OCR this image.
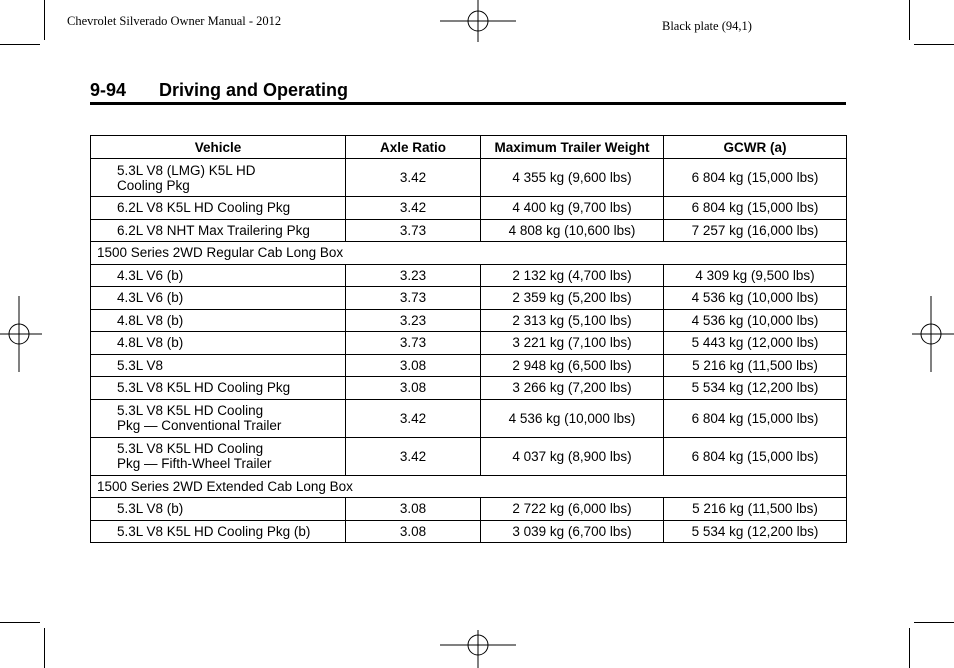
Chevrolet Silverado Owner Manual - 2012	Black plate (94,1)
9-94 Driving and Operating
Vehicle	Axle Ratio	Maximum Trailer Weight	GCWR (a)

5.3L V8 (LMG) K5L HD
Cooling Pkg	3.42	4 355 kg (9,600 lbs)	6 804 kg (15,000 lbs)

6.2L V8 K5L HD Cooling Pkg	3.42	4 400 kg (9,700 lbs)	6 804 kg (15,000 lbs)

6.2L V8 NHT Max Trailering Pkg	3.73	4 808 kg (10,600 lbs)	7 257 kg (16,000 lbs)
1500 Series 2WD Regular Cab Long Box			

4.3L V6 (b)	3.23	2 132 kg (4,700 lbs)	4 309 kg (9,500 lbs)

4.3L V6 (b)	3.73	2 359 kg (5,200 lbs)	4 536 kg (10,000 lbs)

4.8L V8 (b)	3.23	2 313 kg (5,100 lbs)	4 536 kg (10,000 lbs)

4.8L V8 (b)	3.73	3 221 kg (7,100 lbs)	5 443 kg (12,000 lbs)

5.3L V8	3.08	2 948 kg (6,500 lbs)	5 216 kg (11,500 lbs)

5.3L V8 K5L HD Cooling Pkg	3.08	3 266 kg (7,200 lbs)	5 534 kg (12,200 lbs)

5.3L V8 K5L HD Cooling
Pkg — Conventional Trailer	3.42	4 536 kg (10,000 lbs)	6 804 kg (15,000 lbs)

5.3L V8 K5L HD Cooling
Pkg — Fifth-Wheel Trailer	3.42	4 037 kg (8,900 lbs)	6 804 kg (15,000 lbs)
1500 Series 2WD Extended Cab Long Box			

5.3L V8 (b)	3.08	2 722 kg (6,000 lbs)	5 216 kg (11,500 lbs)

5.3L V8 K5L HD Cooling Pkg (b)	3.08	3 039 kg (6,700 lbs)	5 534 kg (12,200 lbs)
